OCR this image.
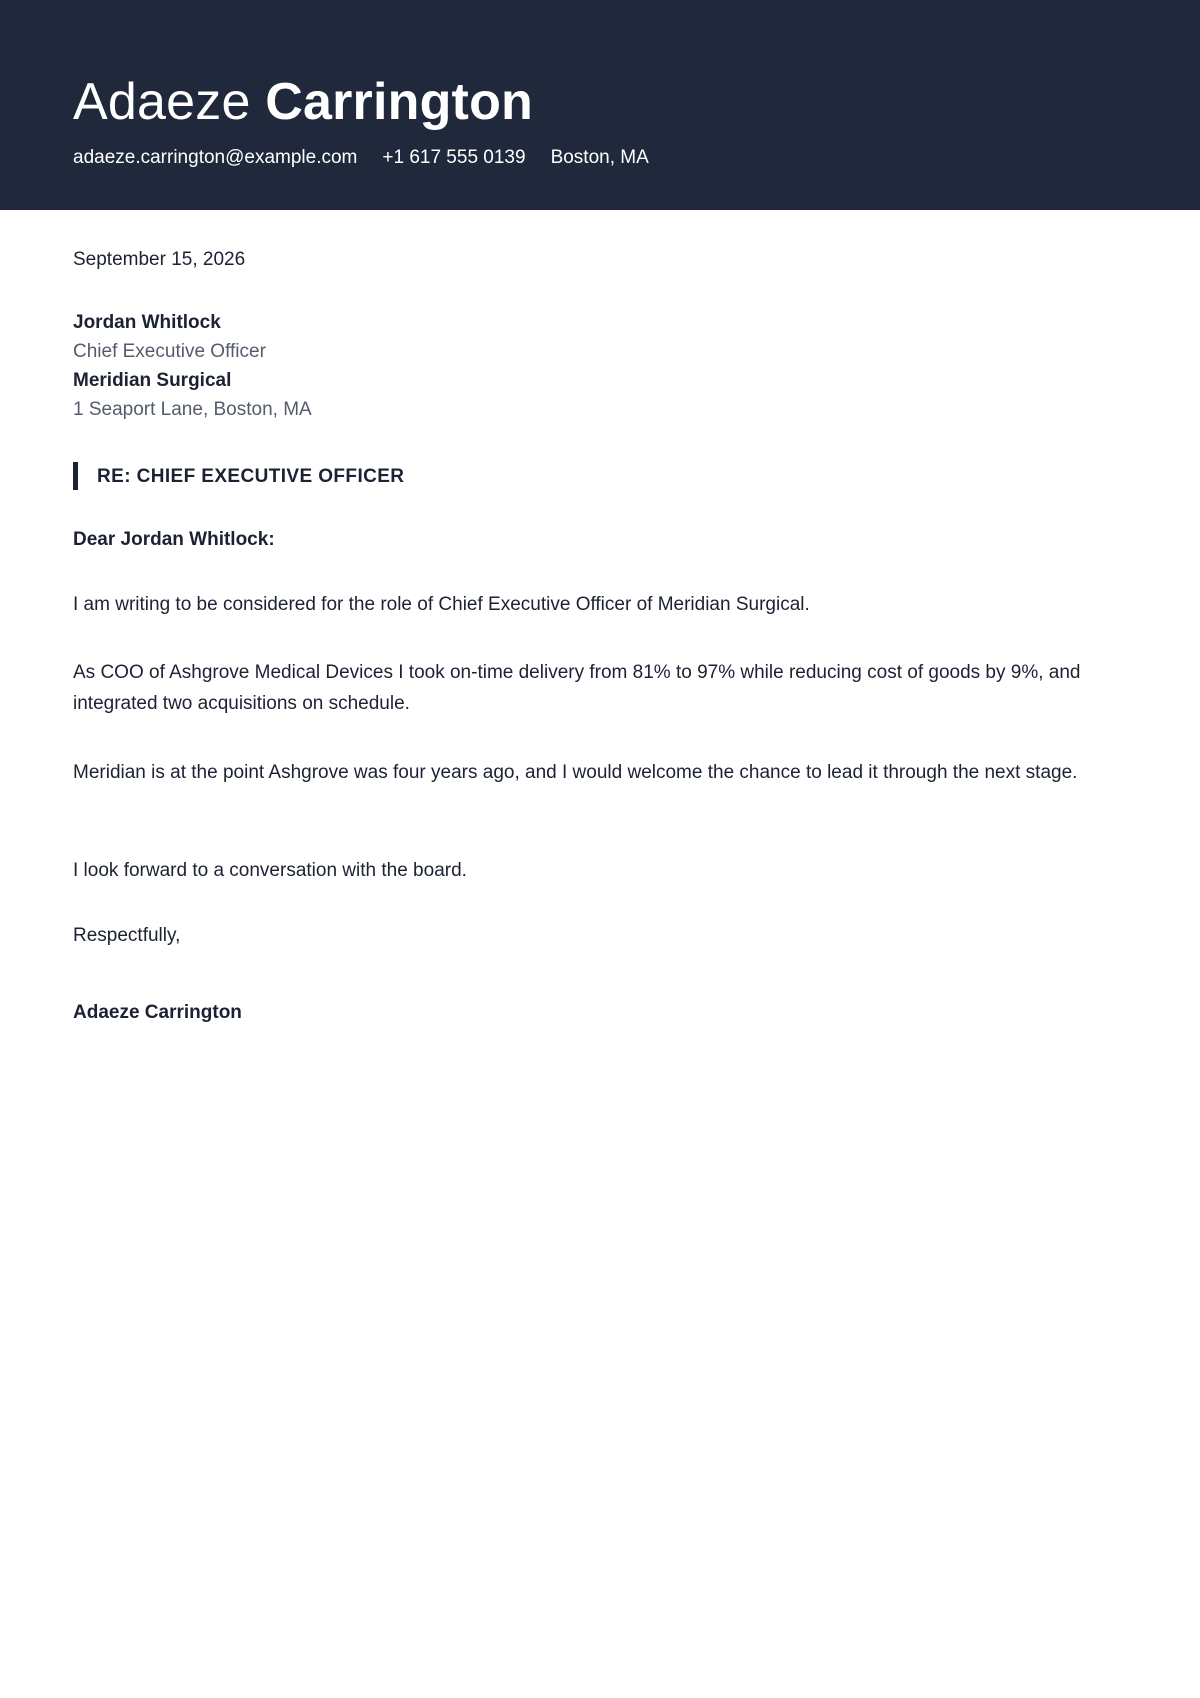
Adaeze Carrington
adaeze.carrington@example.com +1 617 555 0139 Boston, MA
September 15, 2026
Jordan Whitlock
Chief Executive Officer
Meridian Surgical
1 Seaport Lane, Boston, MA
RE: CHIEF EXECUTIVE OFFICER
Dear Jordan Whitlock:
I am writing to be considered for the role of Chief Executive Officer of Meridian Surgical.
As COO of Ashgrove Medical Devices I took on-time delivery from 81% to 97% while reducing cost of goods by 9%, and integrated two acquisitions on schedule.
Meridian is at the point Ashgrove was four years ago, and I would welcome the chance to lead it through the next stage.
I look forward to a conversation with the board.
Respectfully,
Adaeze Carrington
